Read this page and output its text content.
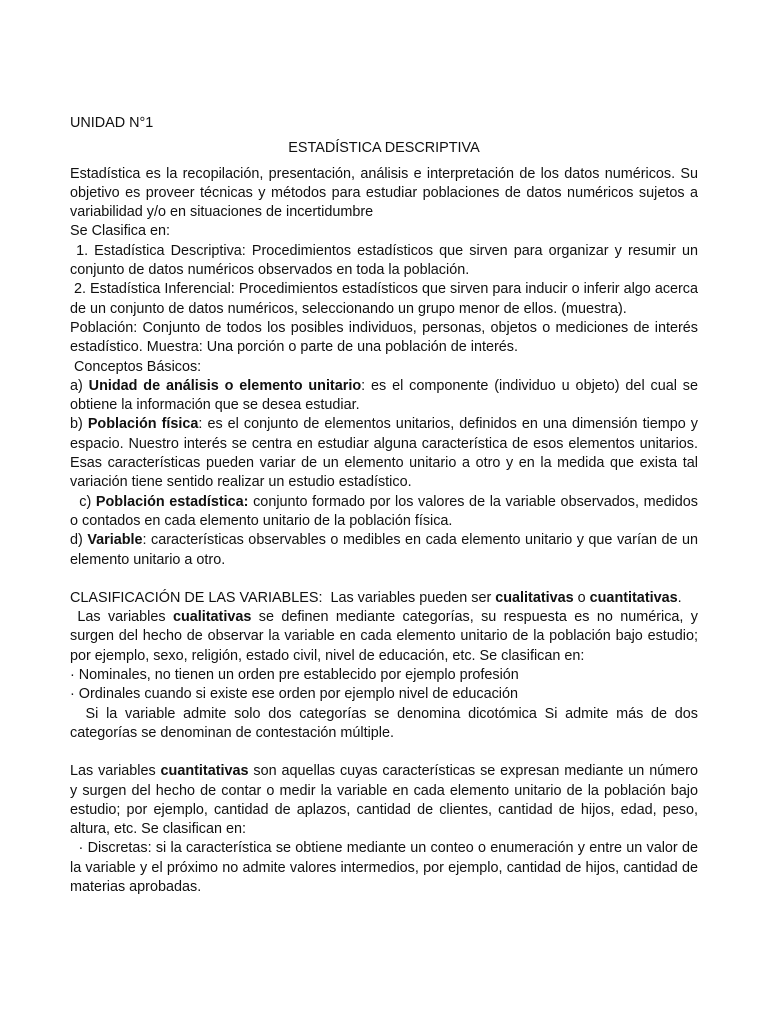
UNIDAD N°1

ESTADÍSTICA DESCRIPTIVA

Estadística es la recopilación, presentación, análisis e interpretación de los datos numéricos. Su objetivo es proveer técnicas y métodos para estudiar poblaciones de datos numéricos sujetos a variabilidad y/o en situaciones de incertidumbre

Se Clasifica en:

1. Estadística Descriptiva: Procedimientos estadísticos que sirven para organizar y resumir un conjunto de datos numéricos observados en toda la población.

2. Estadística Inferencial: Procedimientos estadísticos que sirven para inducir o inferir algo acerca de un conjunto de datos numéricos, seleccionando un grupo menor de ellos. (muestra).

Población: Conjunto de todos los posibles individuos, personas, objetos o mediciones de interés estadístico. Muestra: Una porción o parte de una población de interés.

Conceptos Básicos:

a) Unidad de análisis o elemento unitario: es el componente (individuo u objeto) del cual se obtiene la información que se desea estudiar.

b) Población física: es el conjunto de elementos unitarios, definidos en una dimensión tiempo y espacio. Nuestro interés se centra en estudiar alguna característica de esos elementos unitarios. Esas características pueden variar de un elemento unitario a otro y en la medida que exista tal variación tiene sentido realizar un estudio estadístico.

c) Población estadística: conjunto formado por los valores de la variable observados, medidos o contados en cada elemento unitario de la población física.

d) Variable: características observables o medibles en cada elemento unitario y que varían de un elemento unitario a otro.

CLASIFICACIÓN DE LAS VARIABLES:  Las variables pueden ser cualitativas o cuantitativas.

Las variables cualitativas se definen mediante categorías, su respuesta es no numérica, y surgen del hecho de observar la variable en cada elemento unitario de la población bajo estudio; por ejemplo, sexo, religión, estado civil, nivel de educación, etc. Se clasifican en:

· Nominales, no tienen un orden pre establecido por ejemplo profesión

· Ordinales cuando si existe ese orden por ejemplo nivel de educación

Si la variable admite solo dos categorías se denomina dicotómica Si admite más de dos categorías se denominan de contestación múltiple.

Las variables cuantitativas son aquellas cuyas características se expresan mediante un número y surgen del hecho de contar o medir la variable en cada elemento unitario de la población bajo estudio; por ejemplo, cantidad de aplazos, cantidad de clientes, cantidad de hijos, edad, peso, altura, etc. Se clasifican en:

· Discretas: si la característica se obtiene mediante un conteo o enumeración y entre un valor de la variable y el próximo no admite valores intermedios, por ejemplo, cantidad de hijos, cantidad de materias aprobadas.
